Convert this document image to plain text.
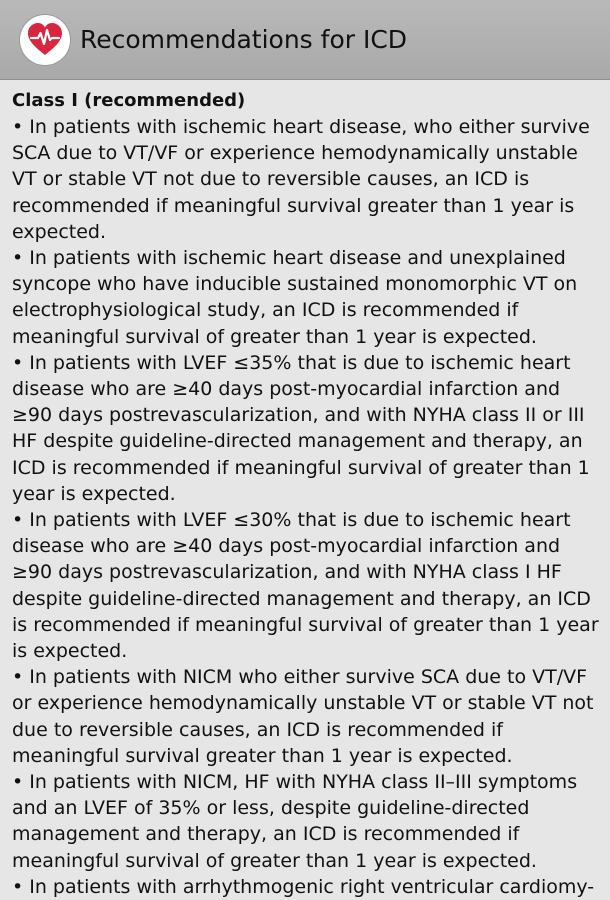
Recommendations for ICD
Class I (recommended)
• In patients with ischemic heart disease, who either survive SCA due to VT/VF or experience hemodynamically unstable VT or stable VT not due to reversible causes, an ICD is recommended if meaningful survival greater than 1 year is expected.
• In patients with ischemic heart disease and unexplained syncope who have inducible sustained monomorphic VT on electrophysiological study, an ICD is recommended if meaningful survival of greater than 1 year is expected.
• In patients with LVEF ≤35% that is due to ischemic heart disease who are ≥40 days post-myocardial infarction and ≥90 days postrevascularization, and with NYHA class II or III HF despite guideline-directed management and therapy, an ICD is recommended if meaningful survival of greater than 1 year is expected.
• In patients with LVEF ≤30% that is due to ischemic heart disease who are ≥40 days post-myocardial infarction and ≥90 days postrevascularization, and with NYHA class I HF despite guideline-directed management and therapy, an ICD is recommended if meaningful survival of greater than 1 year is expected.
• In patients with NICM who either survive SCA due to VT/VF or experience hemodynamically unstable VT or stable VT not due to reversible causes, an ICD is recommended if meaningful survival greater than 1 year is expected.
• In patients with NICM, HF with NYHA class II–III symptoms and an LVEF of 35% or less, despite guideline-directed management and therapy, an ICD is recommended if meaningful survival of greater than 1 year is expected.
• In patients with arrhythmogenic right ventricular cardiomy-
